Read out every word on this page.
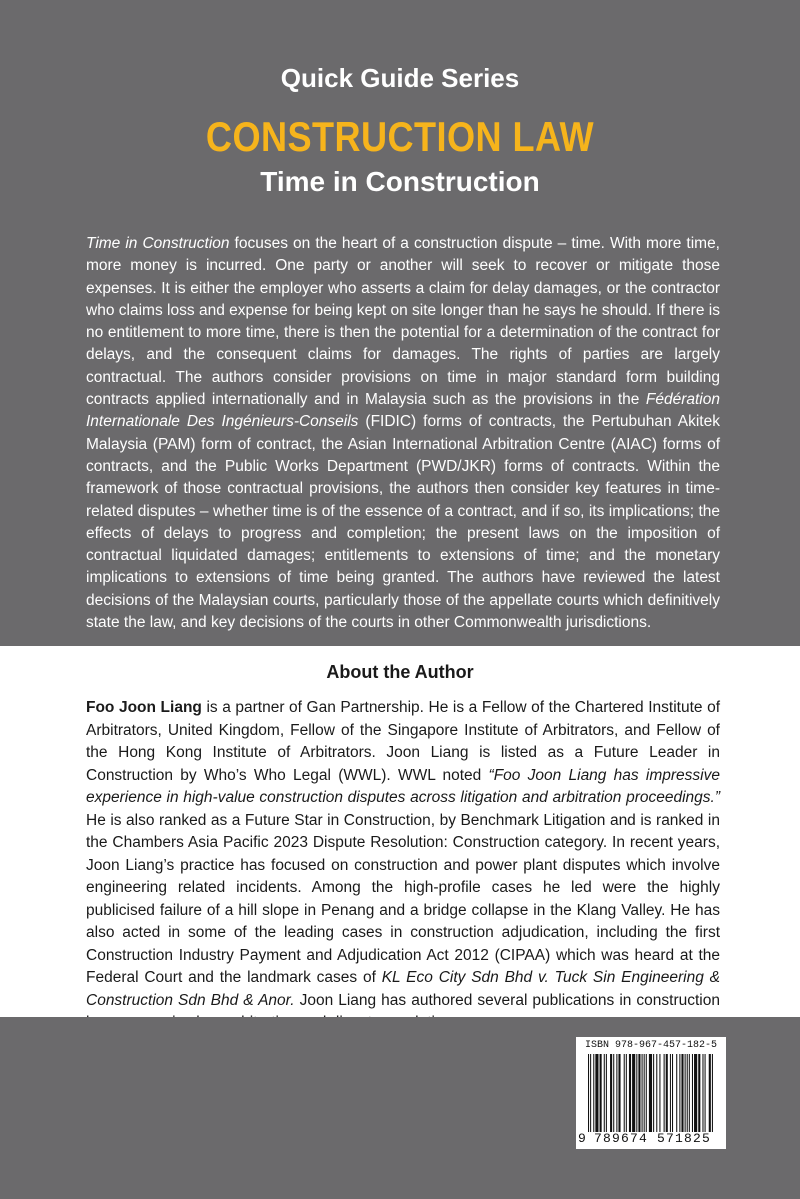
Quick Guide Series
CONSTRUCTION LAW
Time in Construction

Time in Construction focuses on the heart of a construction dispute – time. With more time, more money is incurred. One party or another will seek to recover or mitigate those expenses. It is either the employer who asserts a claim for delay damages, or the contractor who claims loss and expense for being kept on site longer than he says he should. If there is no entitlement to more time, there is then the potential for a determination of the contract for delays, and the consequent claims for damages. The rights of parties are largely contractual. The authors consider provisions on time in major standard form building contracts applied internationally and in Malaysia such as the provisions in the Fédération Internationale Des Ingénieurs-Conseils (FIDIC) forms of contracts, the Pertubuhan Akitek Malaysia (PAM) form of contract, the Asian International Arbitration Centre (AIAC) forms of contracts, and the Public Works Department (PWD/JKR) forms of contracts. Within the framework of those contractual provisions, the authors then consider key features in time-related disputes – whether time is of the essence of a contract, and if so, its implications; the effects of delays to progress and completion; the present laws on the imposition of contractual liquidated damages; entitlements to extensions of time; and the monetary implications to extensions of time being granted. The authors have reviewed the latest decisions of the Malaysian courts, particularly those of the appellate courts which definitively state the law, and key decisions of the courts in other Commonwealth jurisdictions.

About the Author

Foo Joon Liang is a partner of Gan Partnership. He is a Fellow of the Chartered Institute of Arbitrators, United Kingdom, Fellow of the Singapore Institute of Arbitrators, and Fellow of the Hong Kong Institute of Arbitrators. Joon Liang is listed as a Future Leader in Construction by Who’s Who Legal (WWL). WWL noted “Foo Joon Liang has impressive experience in high-value construction disputes across litigation and arbitration proceedings.” He is also ranked as a Future Star in Construction, by Benchmark Litigation and is ranked in the Chambers Asia Pacific 2023 Dispute Resolution: Construction category. In recent years, Joon Liang’s practice has focused on construction and power plant disputes which involve engineering related incidents. Among the high-profile cases he led were the highly publicised failure of a hill slope in Penang and a bridge collapse in the Klang Valley. He has also acted in some of the leading cases in construction adjudication, including the first Construction Industry Payment and Adjudication Act 2012 (CIPAA) which was heard at the Federal Court and the landmark cases of KL Eco City Sdn Bhd v. Tuck Sin Engineering & Construction Sdn Bhd & Anor. Joon Liang has authored several publications in construction

ISBN 978-967-457-182-5
9 789674 571825
